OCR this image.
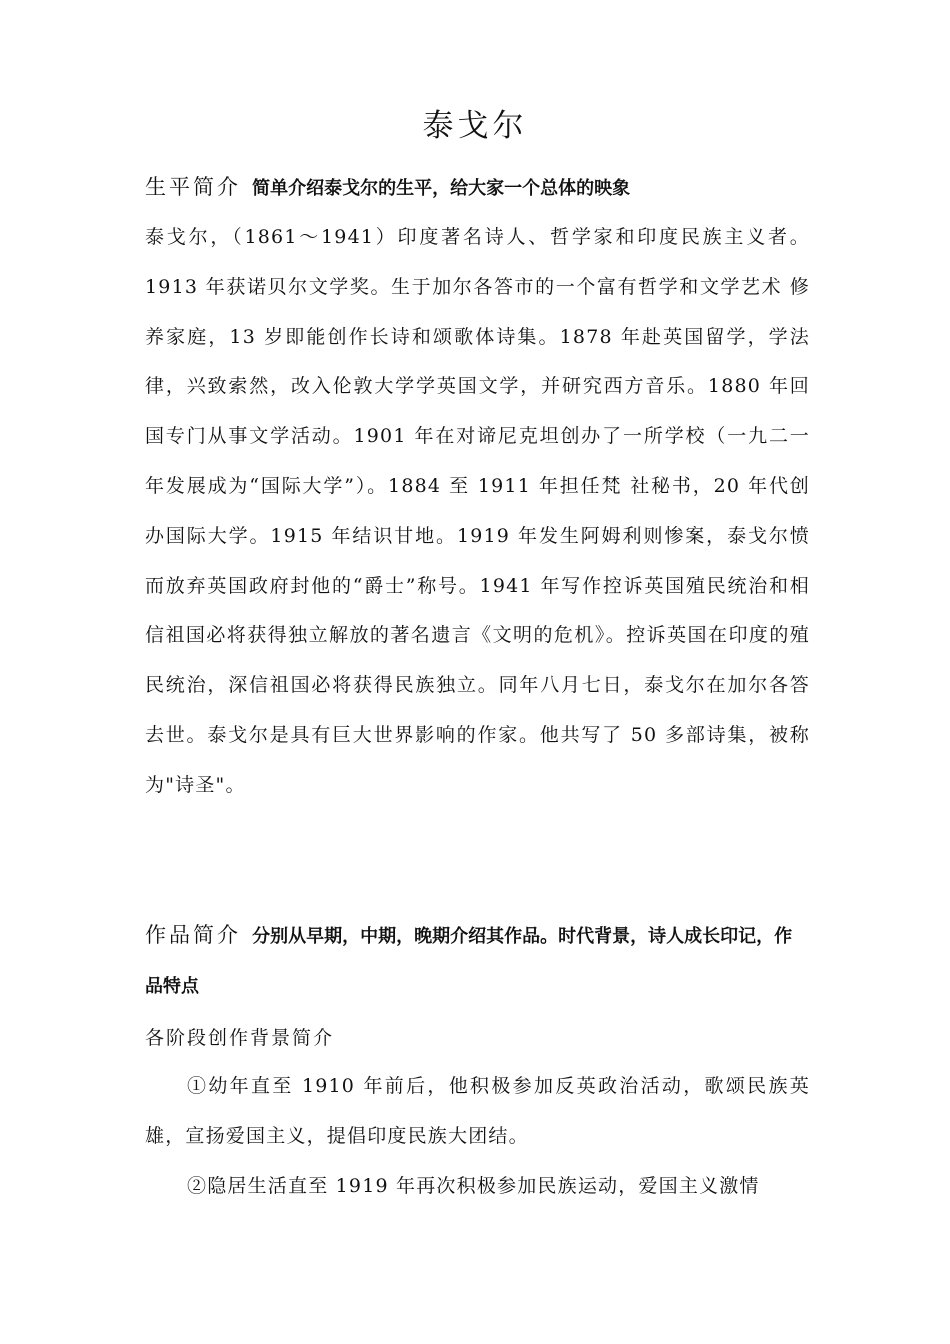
泰戈尔
生平简介 简单介绍泰戈尔的生平，给大家一个总体的映象

泰戈尔，（1861～1941）印度著名诗人、哲学家和印度民族主义者。1913 年获诺贝尔文学奖。生于加尔各答市的一个富有哲学和文学艺术 修养家庭，13 岁即能创作长诗和颂歌体诗集。1878 年赴英国留学，学法律，兴致索然，改入伦敦大学学英国文学，并研究西方音乐。1880 年回国专门从事文学活动。1901 年在对谛尼克坦创办了一所学校（一九二一年发展成为“国际大学”）。1884 至 1911 年担任梵 社秘书，20 年代创办国际大学。1915 年结识甘地。1919 年发生阿姆利则惨案，泰戈尔愤而放弃英国政府封他的“爵士”称号。1941 年写作控诉英国殖民统治和相信祖国必将获得独立解放的著名遗言《文明的危机》。控诉英国在印度的殖民统治，深信祖国必将获得民族独立。同年八月七日，泰戈尔在加尔各答去世。泰戈尔是具有巨大世界影响的作家。他共写了 50 多部诗集，被称为"诗圣"。

作品简介 分别从早期，中期，晚期介绍其作品。时代背景，诗人成长印记，作品特点
各阶段创作背景简介

①幼年直至 1910 年前后，他积极参加反英政治活动，歌颂民族英雄，宣扬爱国主义，提倡印度民族大团结。

②隐居生活直至 1919 年再次积极参加民族运动，爱国主义激情
